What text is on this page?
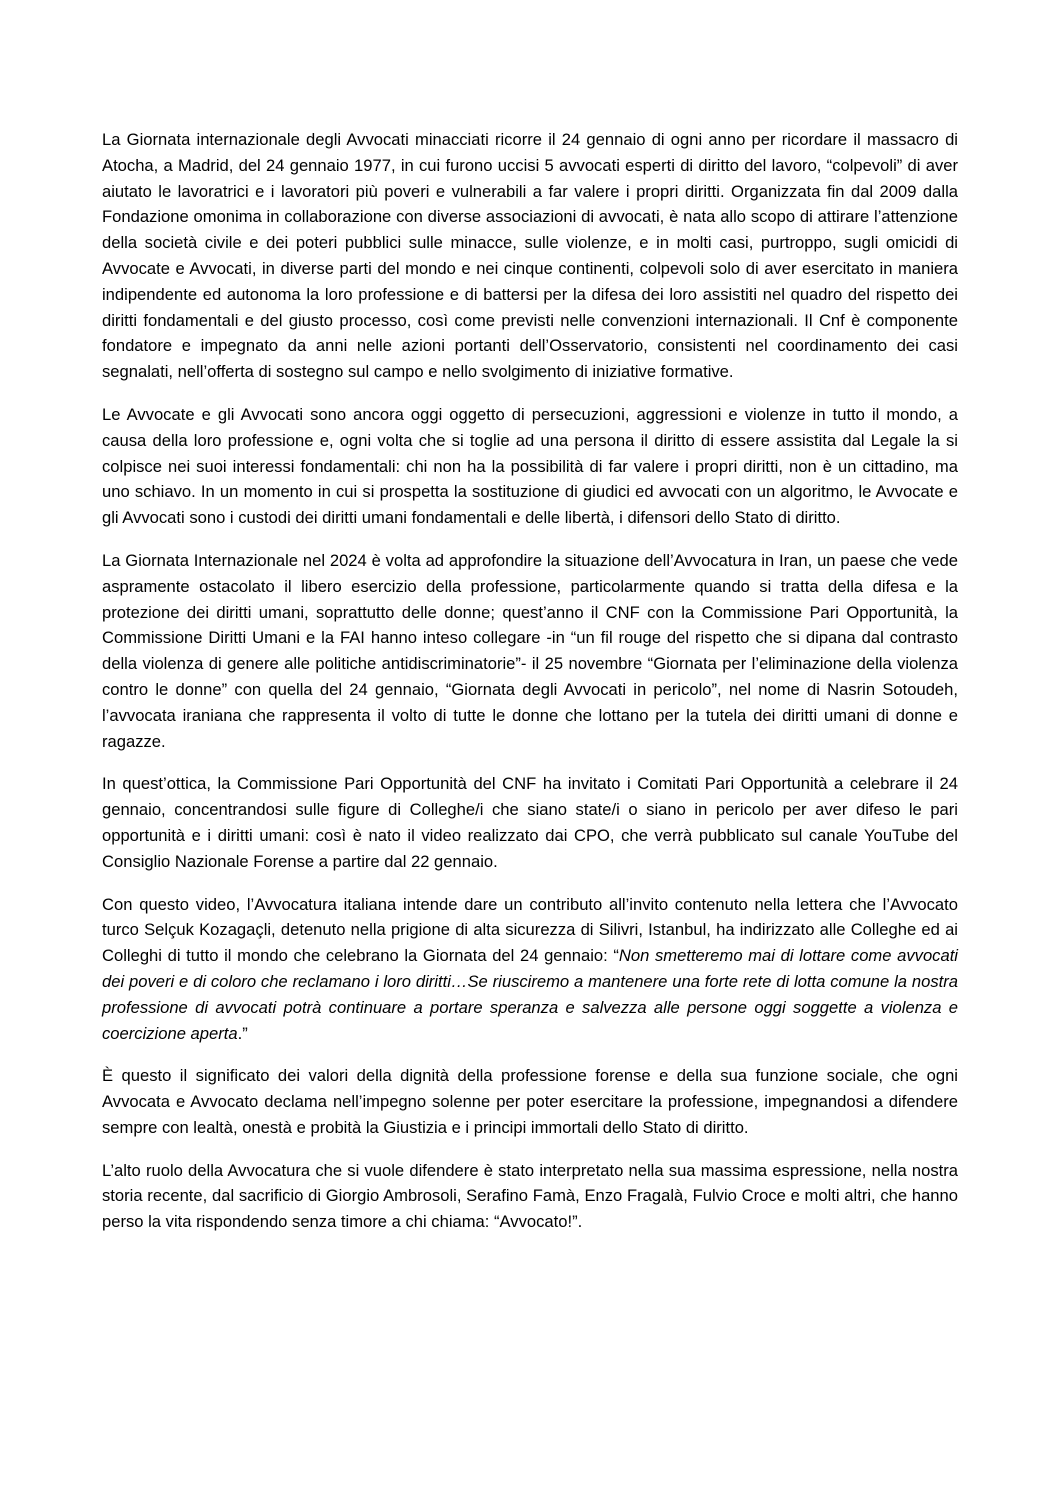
La Giornata internazionale degli Avvocati minacciati ricorre il 24 gennaio di ogni anno per ricordare il massacro di Atocha, a Madrid, del 24 gennaio 1977, in cui furono uccisi 5 avvocati esperti di diritto del lavoro, “colpevoli” di aver aiutato le lavoratrici e i lavoratori più poveri e vulnerabili a far valere i propri diritti. Organizzata fin dal 2009 dalla Fondazione omonima in collaborazione con diverse associazioni di avvocati, è nata allo scopo di attirare l’attenzione della società civile e dei poteri pubblici sulle minacce, sulle violenze, e in molti casi, purtroppo, sugli omicidi di Avvocate e Avvocati, in diverse parti del mondo e nei cinque continenti, colpevoli solo di aver esercitato in maniera indipendente ed autonoma la loro professione e di battersi per la difesa dei loro assistiti nel quadro del rispetto dei diritti fondamentali e del giusto processo, così come previsti nelle convenzioni internazionali. Il Cnf è componente fondatore e impegnato da anni nelle azioni portanti dell’Osservatorio, consistenti nel coordinamento dei casi segnalati, nell’offerta di sostegno sul campo e nello svolgimento di iniziative formative.

Le Avvocate e gli Avvocati sono ancora oggi oggetto di persecuzioni, aggressioni e violenze in tutto il mondo, a causa della loro professione e, ogni volta che si toglie ad una persona il diritto di essere assistita dal Legale la si colpisce nei suoi interessi fondamentali: chi non ha la possibilità di far valere i propri diritti, non è un cittadino, ma uno schiavo. In un momento in cui si prospetta la sostituzione di giudici ed avvocati con un algoritmo, le Avvocate e gli Avvocati sono i custodi dei diritti umani fondamentali e delle libertà, i difensori dello Stato di diritto.

La Giornata Internazionale nel 2024 è volta ad approfondire la situazione dell’Avvocatura in Iran, un paese che vede aspramente ostacolato il libero esercizio della professione, particolarmente quando si tratta della difesa e la protezione dei diritti umani, soprattutto delle donne; quest’anno il CNF con la Commissione Pari Opportunità, la Commissione Diritti Umani e la FAI hanno inteso collegare -in “un fil rouge del rispetto che si dipana dal contrasto della violenza di genere alle politiche antidiscriminatorie”- il 25 novembre “Giornata per l’eliminazione della violenza contro le donne” con quella del 24 gennaio, “Giornata degli Avvocati in pericolo”, nel nome di Nasrin Sotoudeh, l’avvocata iraniana che rappresenta il volto di tutte le donne che lottano per la tutela dei diritti umani di donne e ragazze.

In quest’ottica, la Commissione Pari Opportunità del CNF ha invitato i Comitati Pari Opportunità a celebrare il 24 gennaio, concentrandosi sulle figure di Colleghe/i che siano state/i o siano in pericolo per aver difeso le pari opportunità e i diritti umani: così è nato il video realizzato dai CPO, che verrà pubblicato sul canale YouTube del Consiglio Nazionale Forense a partire dal 22 gennaio.

Con questo video, l’Avvocatura italiana intende dare un contributo all’invito contenuto nella lettera che l’Avvocato turco Selçuk Kozagaçli, detenuto nella prigione di alta sicurezza di Silivri, Istanbul, ha indirizzato alle Colleghe ed ai Colleghi di tutto il mondo che celebrano la Giornata del 24 gennaio: “Non smetteremo mai di lottare come avvocati dei poveri e di coloro che reclamano i loro diritti…Se riusciremo a mantenere una forte rete di lotta comune la nostra professione di avvocati potrà continuare a portare speranza e salvezza alle persone oggi soggette a violenza e coercizione aperta.”

È questo il significato dei valori della dignità della professione forense e della sua funzione sociale, che ogni Avvocata e Avvocato declama nell’impegno solenne per poter esercitare la professione, impegnandosi a difendere sempre con lealtà, onestà e probità la Giustizia e i principi immortali dello Stato di diritto.

L’alto ruolo della Avvocatura che si vuole difendere è stato interpretato nella sua massima espressione, nella nostra storia recente, dal sacrificio di Giorgio Ambrosoli, Serafino Famà, Enzo Fragalà, Fulvio Croce e molti altri, che hanno perso la vita rispondendo senza timore a chi chiama: “Avvocato!”.
